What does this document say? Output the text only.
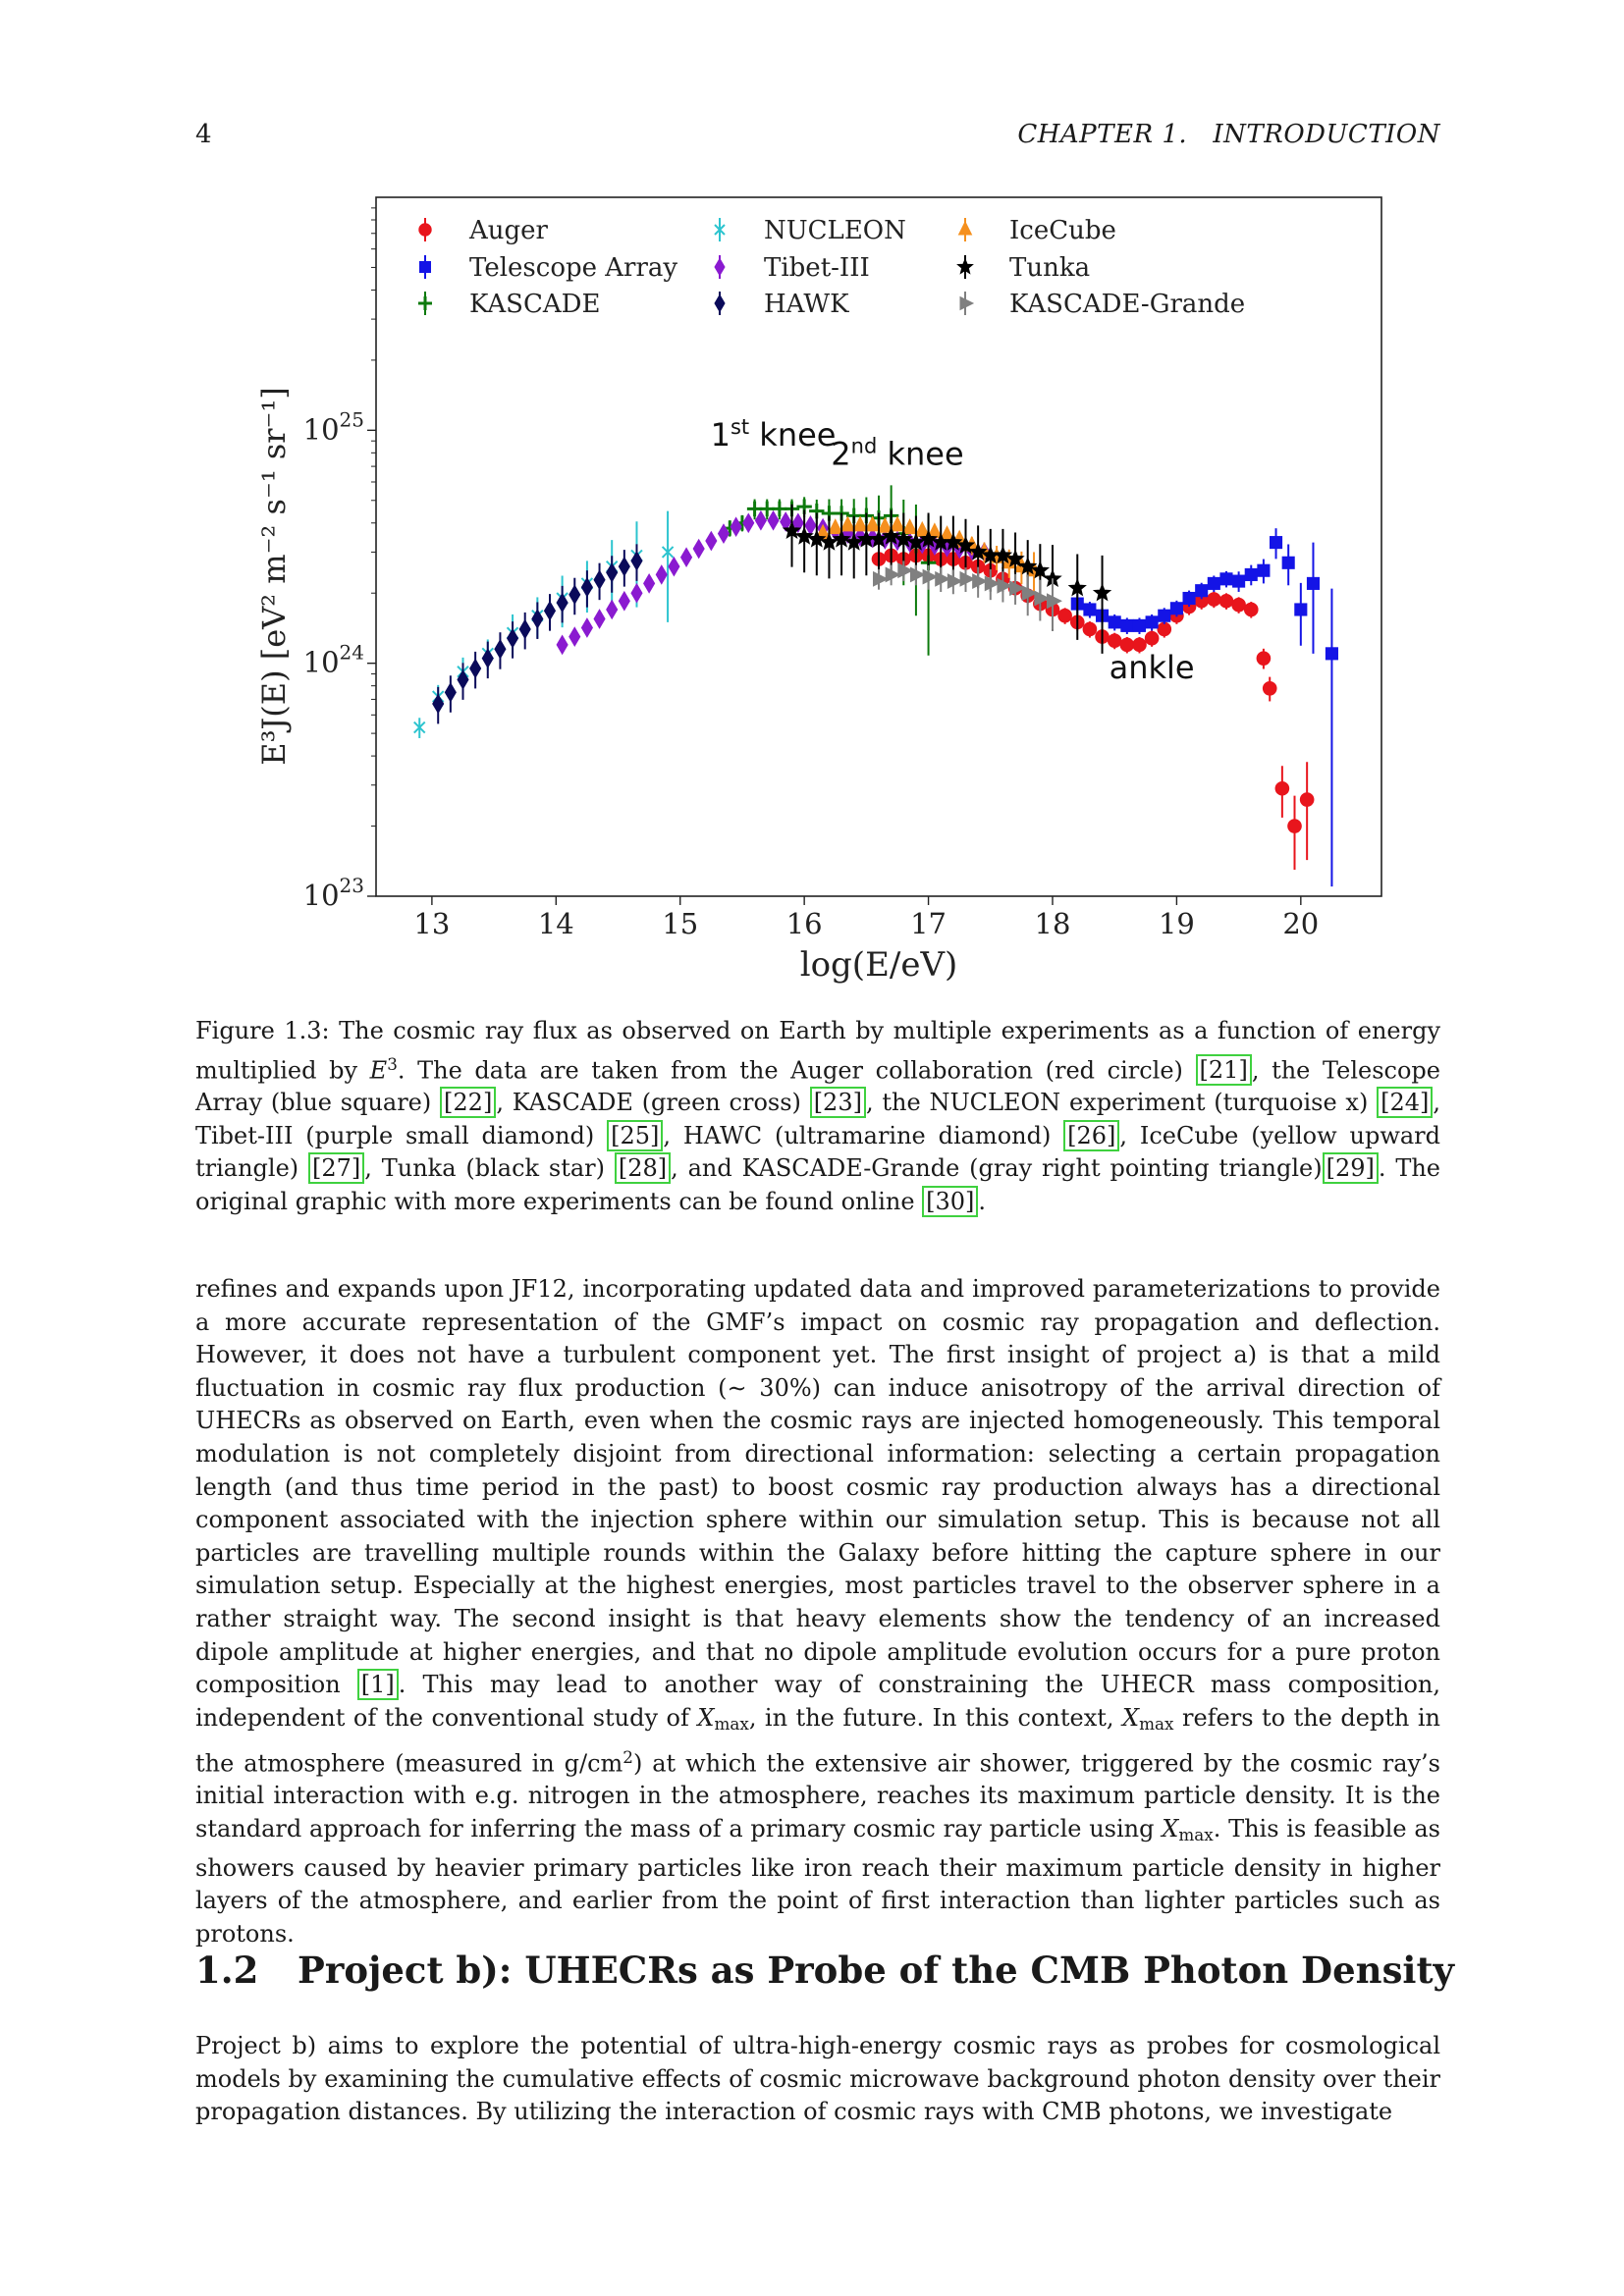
4	CHAPTER 1.   INTRODUCTION
13	14	15	16	17	18	19	20
$10^{23}$
$10^{24}$
$10^{25}$
log(E/eV)
E³J(E) [eV² m⁻² s⁻¹ sr⁻¹]	1st knee
2nd knee
ankle
Auger
Telescope Array
KASCADE
NUCLEON
Tibet-III
HAWK
IceCube
Tunka
KASCADE-Grande
Figure 1.3: The cosmic ray flux as observed on Earth by multiple experiments as a function of energy multiplied by $E^3$. The data are taken from the Auger collaboration (red circle) [21] , the Telescope Array (blue square) [22] , KASCADE (green cross) [23] , the NUCLEON experiment (turquoise x) [24] , Tibet-III (purple small diamond) [25] , HAWC (ultramarine diamond) [26] , IceCube (yellow upward triangle) [27] , Tunka (black star) [28] , and KASCADE-Grande (gray right pointing triangle) [29] . The original graphic with more experiments can be found online [30] .
refines and expands upon JF12, incorporating updated data and improved parameterizations to provide a more accurate representation of the GMF’s impact on cosmic ray propagation and deflection. However, it does not have a turbulent component yet. The first insight of project a) is that a mild fluctuation in cosmic ray flux production (∼ 30%) can induce anisotropy of the arrival direction of UHECRs as observed on Earth, even when the cosmic rays are injected homogeneously. This temporal modulation is not completely disjoint from directional information: selecting a certain propagation length (and thus time period in the past) to boost cosmic ray production always has a directional component associated with the injection sphere within our simulation setup. This is because not all particles are travelling multiple rounds within the Galaxy before hitting the capture sphere in our simulation setup. Especially at the highest energies, most particles travel to the observer sphere in a rather straight way. The second insight is that heavy elements show the tendency of an increased dipole amplitude at higher energies, and that no dipole amplitude evolution occurs for a pure proton composition [1] . This may lead to another way of constraining the UHECR mass composition, independent of the conventional study of $X_{max}$, in the future. In this context, $X_{max}$ refers to the depth in the atmosphere (measured in $g/cm^2$) at which the extensive air shower, triggered by the cosmic ray’s initial interaction with e.g. nitrogen in the atmosphere, reaches its maximum particle density. It is the standard approach for inferring the mass of a primary cosmic ray particle using $X_{max}$. This is feasible as showers caused by heavier primary particles like iron reach their maximum particle density in higher layers of the atmosphere, and earlier from the point of first interaction than lighter particles such as protons.
1.2 Project b): UHECRs as Probe of the CMB Photon Density
Project b) aims to explore the potential of ultra-high-energy cosmic rays as probes for cosmological models by examining the cumulative effects of cosmic microwave background photon density over their propagation distances. By utilizing the interaction of cosmic rays with CMB photons, we investigate
